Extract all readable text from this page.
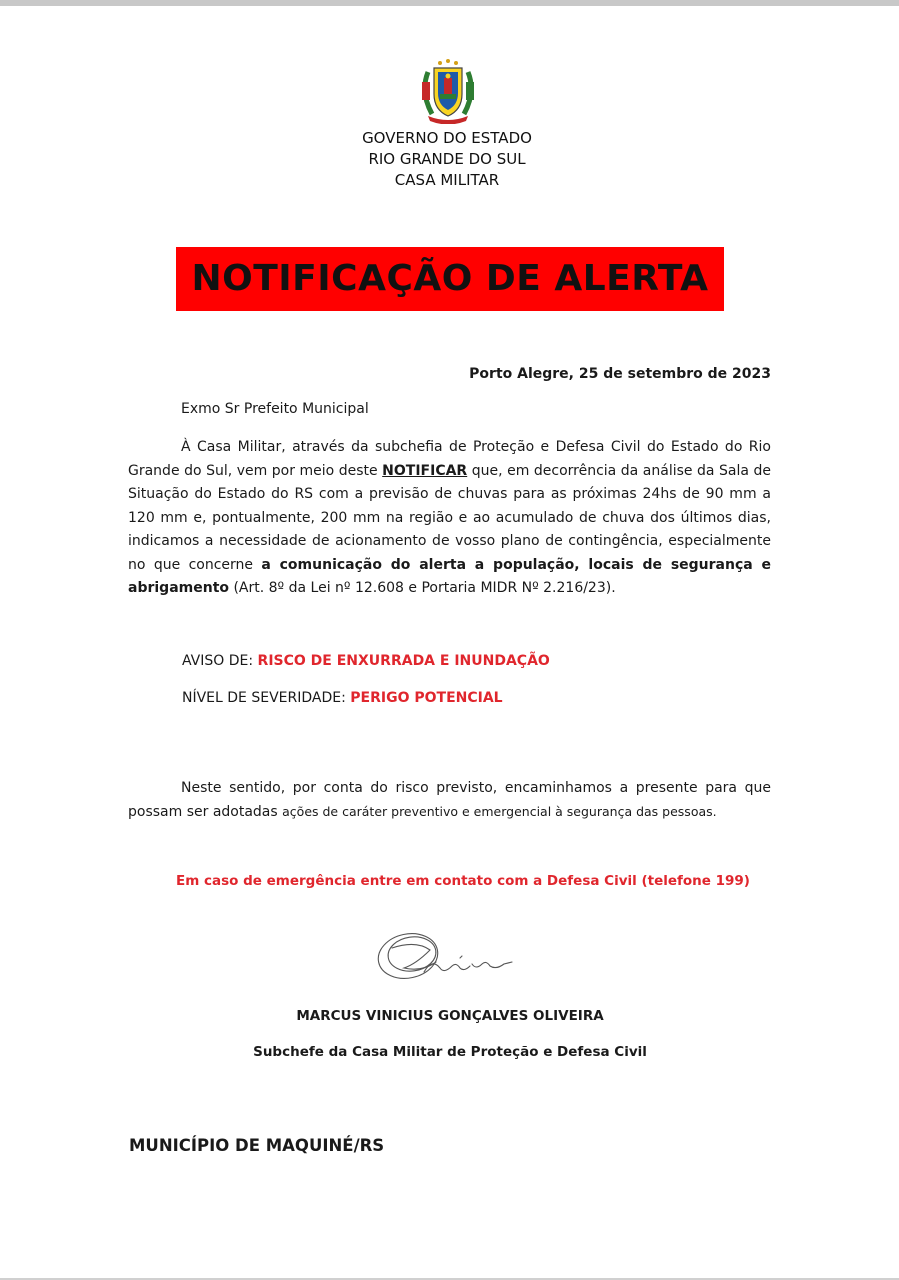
GOVERNO DO ESTADO
RIO GRANDE DO SUL
CASA MILITAR
NOTIFICAÇÃO DE ALERTA
Porto Alegre, 25 de setembro de 2023
Exmo Sr Prefeito Municipal
À Casa Militar, através da subchefia de Proteção e Defesa Civil do Estado do Rio Grande do Sul, vem por meio deste NOTIFICAR que, em decorrência da análise da Sala de Situação do Estado do RS com a previsão de chuvas para as próximas 24hs de 90 mm a 120 mm e, pontualmente, 200 mm na região e ao acumulado de chuva dos últimos dias, indicamos a necessidade de acionamento de vosso plano de contingência, especialmente no que concerne a comunicação do alerta a população, locais de segurança e abrigamento (Art. 8º da Lei nº 12.608 e Portaria MIDR Nº 2.216/23).
AVISO DE: RISCO DE ENXURRADA E INUNDAÇÃO
NÍVEL DE SEVERIDADE: PERIGO POTENCIAL
Neste sentido, por conta do risco previsto, encaminhamos a presente para que possam ser adotadas ações de caráter preventivo e emergencial à segurança das pessoas.
Em caso de emergência entre em contato com a Defesa Civil (telefone 199)
MARCUS VINICIUS GONÇALVES OLIVEIRA
Subchefe da Casa Militar de Proteção e Defesa Civil
MUNICÍPIO DE MAQUINÉ/RS
